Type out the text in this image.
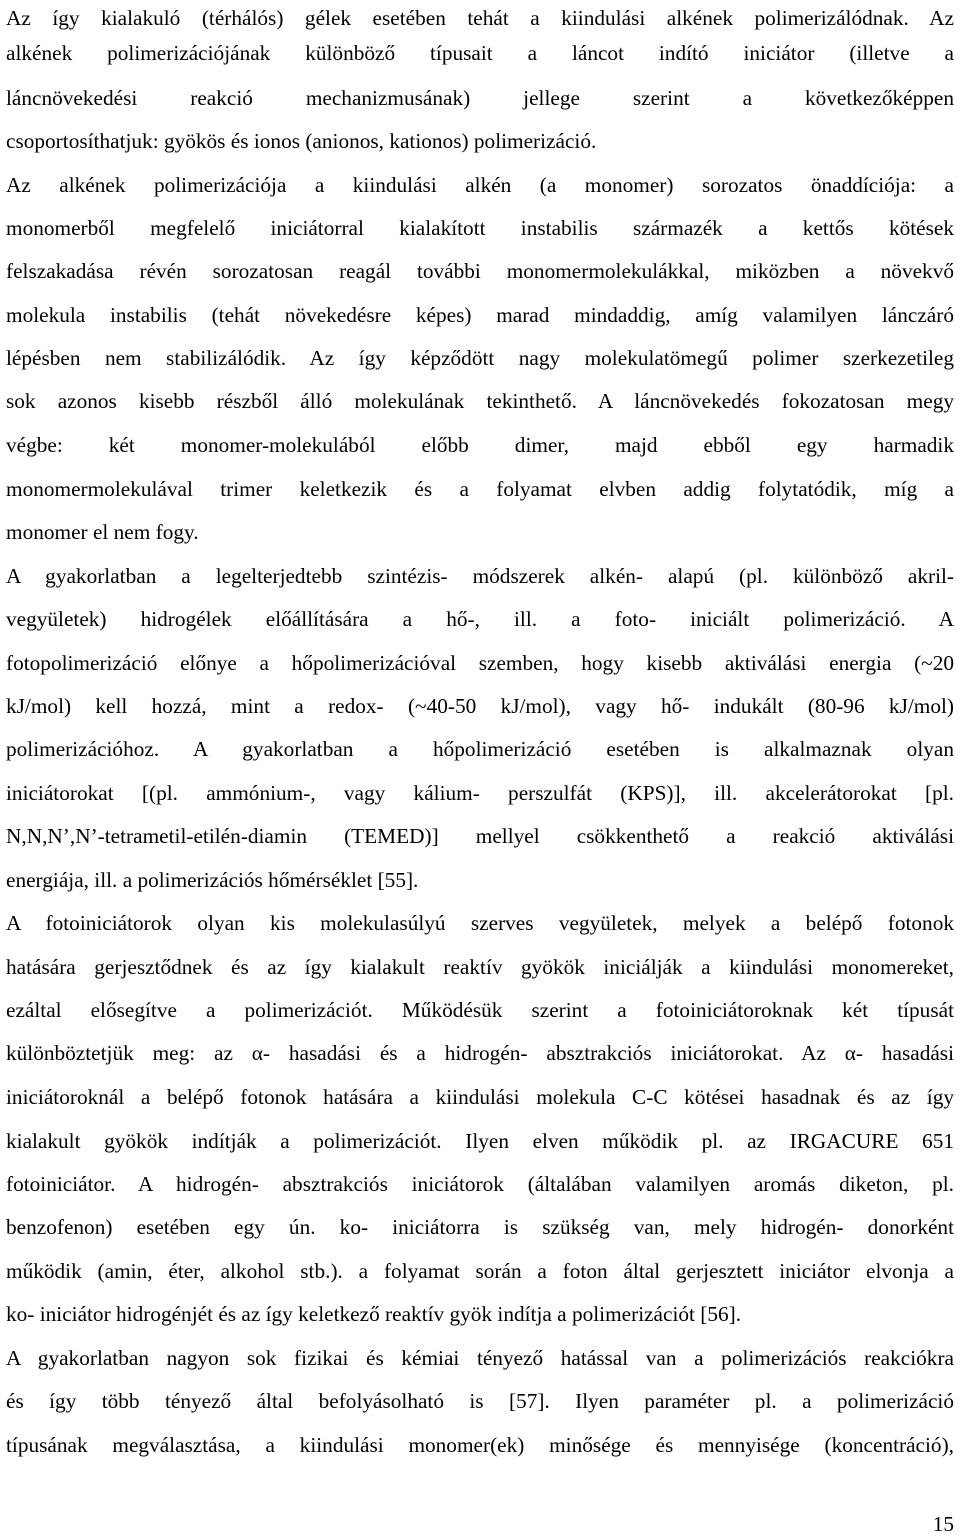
Az így kialakuló (térhálós) gélek esetében tehát a kiindulási alkének polimerizálódnak. Az
alkének polimerizációjának különböző típusait a láncot indító iniciátor (illetve a
láncnövekedési reakció mechanizmusának) jellege szerint a következőképpen
csoportosíthatjuk: gyökös és ionos (anionos, kationos) polimerizáció.
Az alkének polimerizációja a kiindulási alkén (a monomer) sorozatos önaddíciója: a
monomerből megfelelő iniciátorral kialakított instabilis származék a kettős kötések
felszakadása révén sorozatosan reagál további monomermolekulákkal, miközben a növekvő
molekula instabilis (tehát növekedésre képes) marad mindaddig, amíg valamilyen lánczáró
lépésben nem stabilizálódik. Az így képződött nagy molekulatömegű polimer szerkezetileg
sok azonos kisebb részből álló molekulának tekinthető. A láncnövekedés fokozatosan megy
végbe: két monomer-molekulából előbb dimer, majd ebből egy harmadik
monomermolekulával trimer keletkezik és a folyamat elvben addig folytatódik, míg a
monomer el nem fogy.
A gyakorlatban a legelterjedtebb szintézis- módszerek alkén- alapú (pl. különböző akril-
vegyületek) hidrogélek előállítására a hő-, ill. a foto- iniciált polimerizáció. A
fotopolimerizáció előnye a hőpolimerizációval szemben, hogy kisebb aktiválási energia (~20
kJ/mol) kell hozzá, mint a redox- (~40-50 kJ/mol), vagy hő- indukált (80-96 kJ/mol)
polimerizációhoz. A gyakorlatban a hőpolimerizáció esetében is alkalmaznak olyan
iniciátorokat [(pl. ammónium-, vagy kálium- perszulfát (KPS)], ill. akcelerátorokat [pl.
N,N,N’,N’-tetrametil-etilén-diamin (TEMED)] mellyel csökkenthető a reakció aktiválási
energiája, ill. a polimerizációs hőmérséklet [55].
A fotoiniciátorok olyan kis molekulasúlyú szerves vegyületek, melyek a belépő fotonok
hatására gerjesztődnek és az így kialakult reaktív gyökök iniciálják a kiindulási monomereket,
ezáltal elősegítve a polimerizációt. Működésük szerint a fotoiniciátoroknak két típusát
különböztetjük meg: az α- hasadási és a hidrogén- absztrakciós iniciátorokat. Az α- hasadási
iniciátoroknál a belépő fotonok hatására a kiindulási molekula C-C kötései hasadnak és az így
kialakult gyökök indítják a polimerizációt. Ilyen elven működik pl. az IRGACURE 651
fotoiniciátor. A hidrogén- absztrakciós iniciátorok (általában valamilyen aromás diketon, pl.
benzofenon) esetében egy ún. ko- iniciátorra is szükség van, mely hidrogén- donorként
működik (amin, éter, alkohol stb.). a folyamat során a foton által gerjesztett iniciátor elvonja a
ko- iniciátor hidrogénjét és az így keletkező reaktív gyök indítja a polimerizációt [56].
A gyakorlatban nagyon sok fizikai és kémiai tényező hatással van a polimerizációs reakciókra
és így több tényező által befolyásolható is [57]. Ilyen paraméter pl. a polimerizáció
típusának megválasztása, a kiindulási monomer(ek) minősége és mennyisége (koncentráció),
15
